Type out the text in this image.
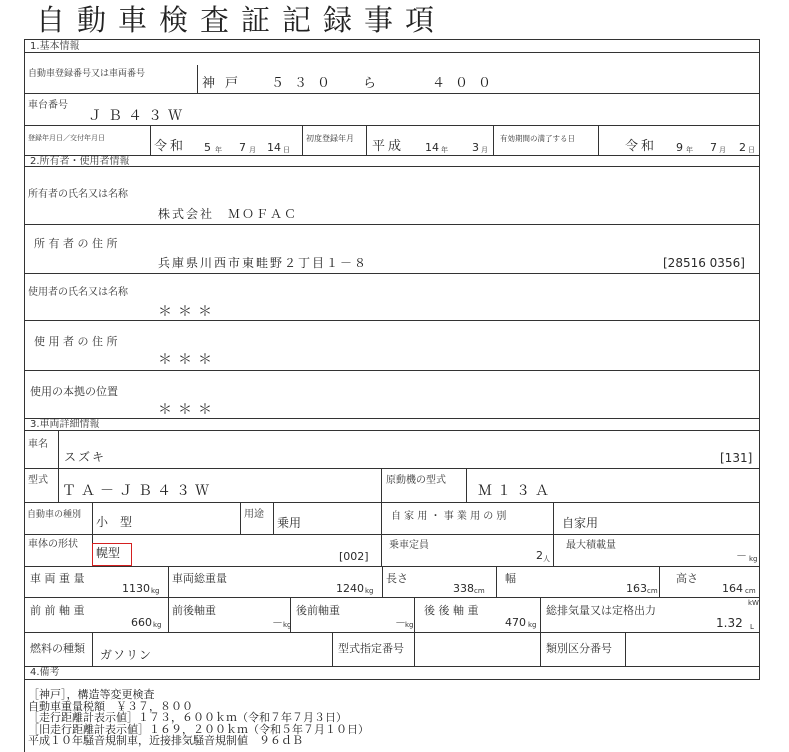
自動車検査証記録事項
1.基本情報
自動車登録番号又は車両番号
神戸　５３０　ら　　４００
車台番号
ＪＢ４３Ｗ
登録年月日／交付年月日
令和 5 年 7 月 14 日
初度登録年月
平成 14 年 3 月
有効期間の満了する日
令和 9 年 7 月 2 日
2.所有者・使用者情報
所有者の氏名又は名称
株式会社　ＭＯＦＡＣ
所 有 者 の 住 所
兵庫県川西市東畦野２丁目１－８	[28516 0356]
使用者の氏名又は名称
＊＊＊
使 用 者 の 住 所
＊＊＊
使用の本拠の位置
＊＊＊
3.車両詳細情報
車名
スズキ	[131]
型式
ＴＡ－ＪＢ４３Ｗ
原動機の型式
Ｍ１３Ａ
自動車の種別 小　型
用途
乗用	自 家 用 ・ 事 業 用 の 別	自家用
車体の形状
幌型	[002]
乗車定員
2 人
最大積載量
－ kg
車 両 重 量
1130 kg
車両総重量
1240 kg
長さ
338 cm
幅
163 cm
高さ
164 cm
前 前 軸 重
660 kg
前後軸重
－ kg
後前軸重
－ kg
後 後 軸 重
470 kg
総排気量又は定格出力
kW
1.32 L
燃料の種類 ガソリン	型式指定番号	類別区分番号
4.備考
［神戸］，構造等変更検査
自動車重量税額　￥３７，８００
［走行距離計表示値］１７３，６００ｋｍ（令和７年７月３日）
［旧走行距離計表示値］１６９，２００ｋｍ（令和５年７月１０日）
平成１０年騒音規制車，近接排気騒音規制値　９６ｄＢ
